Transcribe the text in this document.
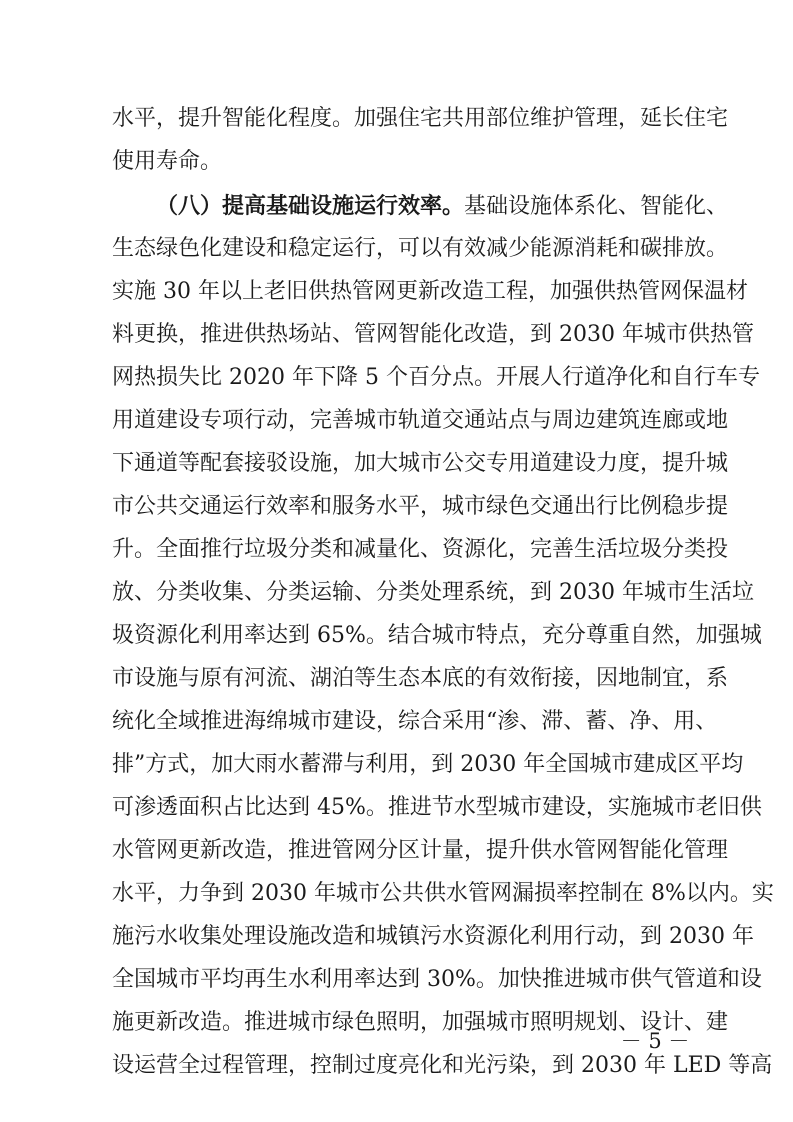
水平，提升智能化程度。加强住宅共用部位维护管理，延长住宅
使用寿命。
（八）提高基础设施运行效率。基础设施体系化、智能化、
生态绿色化建设和稳定运行，可以有效减少能源消耗和碳排放。
实施 30 年以上老旧供热管网更新改造工程，加强供热管网保温材
料更换，推进供热场站、管网智能化改造，到 2030 年城市供热管
网热损失比 2020 年下降 5 个百分点。开展人行道净化和自行车专
用道建设专项行动，完善城市轨道交通站点与周边建筑连廊或地
下通道等配套接驳设施，加大城市公交专用道建设力度，提升城
市公共交通运行效率和服务水平，城市绿色交通出行比例稳步提
升。全面推行垃圾分类和减量化、资源化，完善生活垃圾分类投
放、分类收集、分类运输、分类处理系统，到 2030 年城市生活垃
圾资源化利用率达到 65%。结合城市特点，充分尊重自然，加强城
市设施与原有河流、湖泊等生态本底的有效衔接，因地制宜，系
统化全域推进海绵城市建设，综合采用“渗、滞、蓄、净、用、
排”方式，加大雨水蓄滞与利用，到 2030 年全国城市建成区平均
可渗透面积占比达到 45%。推进节水型城市建设，实施城市老旧供
水管网更新改造，推进管网分区计量，提升供水管网智能化管理
水平，力争到 2030 年城市公共供水管网漏损率控制在 8%以内。实
施污水收集处理设施改造和城镇污水资源化利用行动，到 2030 年
全国城市平均再生水利用率达到 30%。加快推进城市供气管道和设
施更新改造。推进城市绿色照明，加强城市照明规划、设计、建
设运营全过程管理，控制过度亮化和光污染，到 2030 年 LED 等高
－ 5 －
